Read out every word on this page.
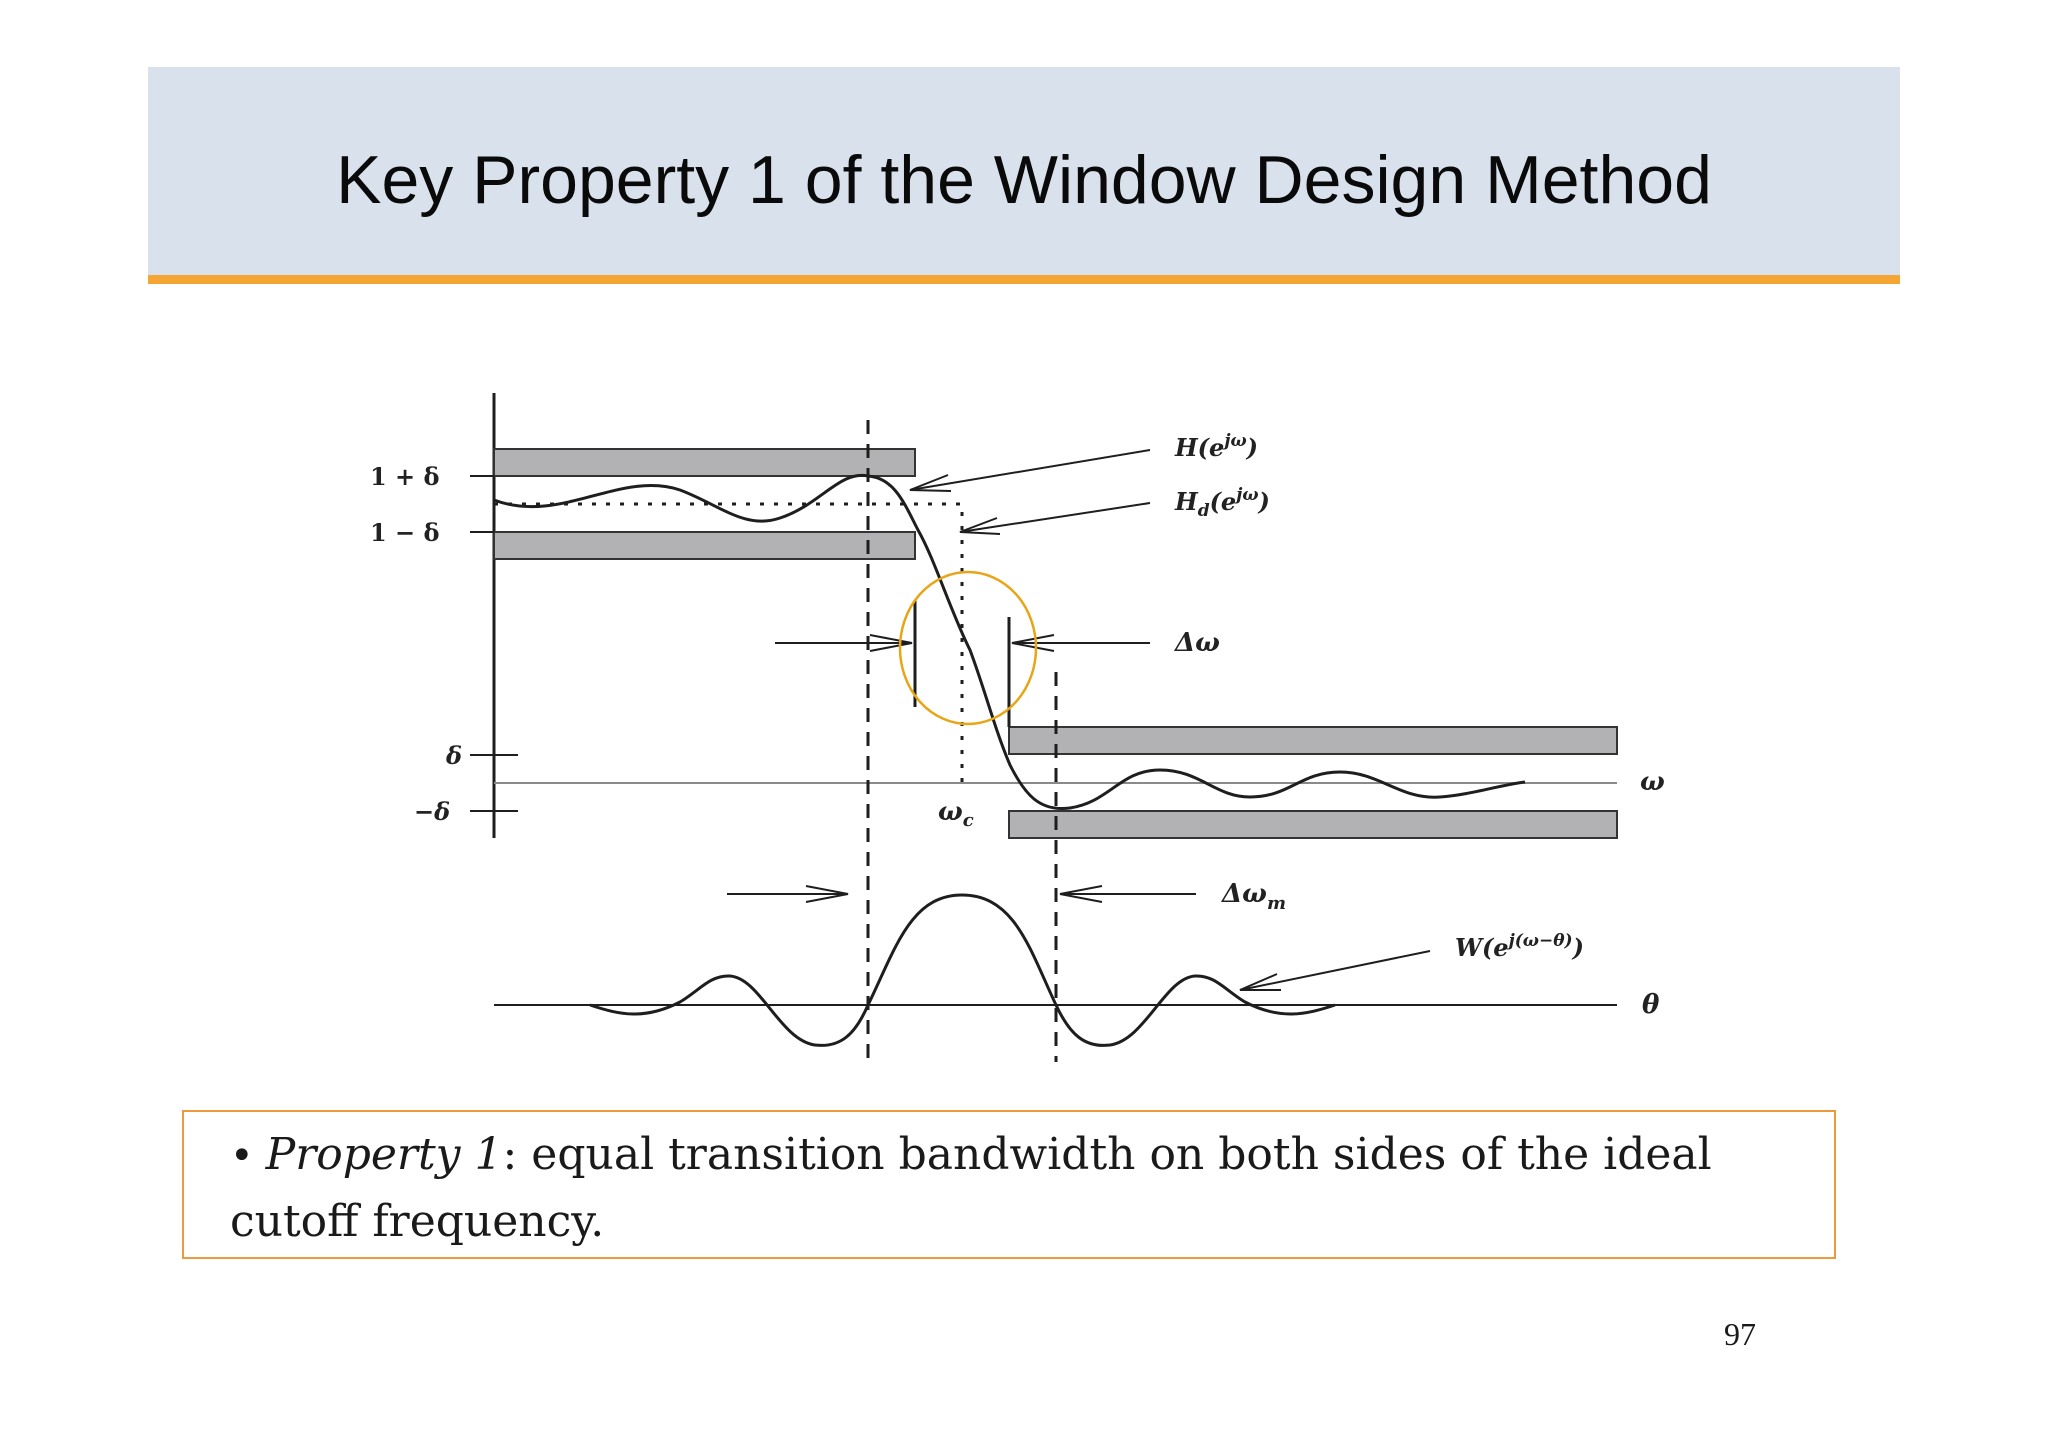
Key Property 1 of the Window Design Method
1 + δ
1 − δ
δ
−δ
$H(e^{j\omega})$
$H_d(e^{j\omega})$
$W(e^{j(\omega-\theta)})$
ω
θ
$\omega_c$
Δω
$\Delta\omega_m$
• Property 1: equal transition bandwidth on both sides of the ideal cutoff frequency.
97
